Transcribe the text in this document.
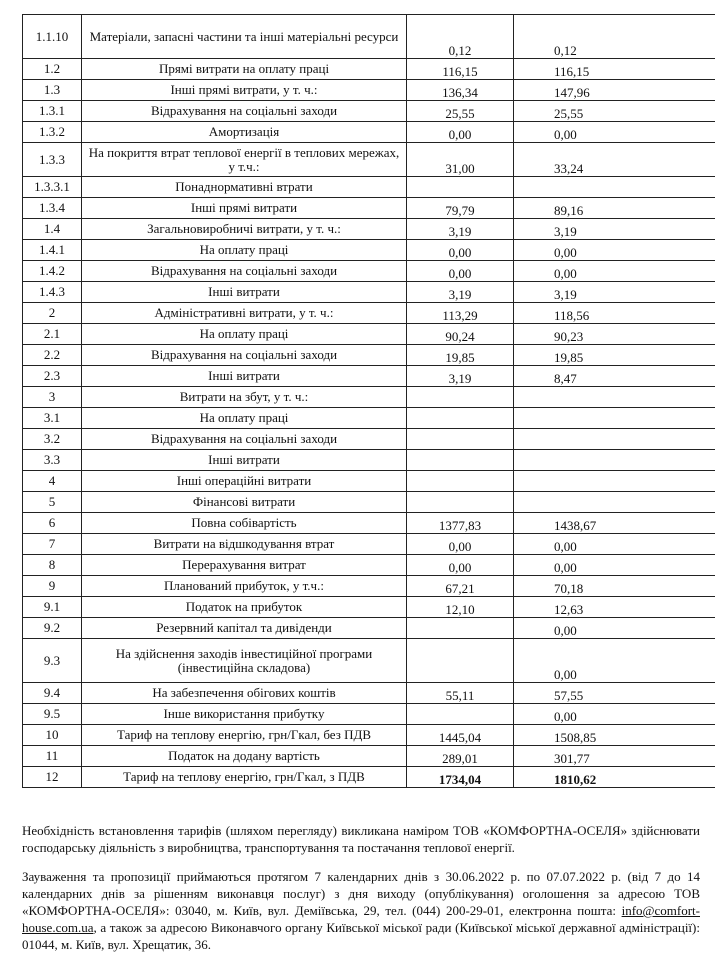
1.1.10	Матеріали, запасні частини та інші матеріальні ресурси	0,12	0,12
1.2	Прямі витрати на оплату праці	116,15	116,15
1.3	Інші прямі витрати, у т. ч.:	136,34	147,96
1.3.1	Відрахування на соціальні заходи	25,55	25,55
1.3.2	Амортизація	0,00	0,00
1.3.3	На покриття втрат теплової енергії в теплових мережах, у т.ч.:	31,00	33,24
1.3.3.1	Понаднормативні втрати		
1.3.4	Інші прямі витрати	79,79	89,16
1.4	Загальновиробничі витрати, у т. ч.:	3,19	3,19
1.4.1	На оплату праці	0,00	0,00
1.4.2	Відрахування на соціальні заходи	0,00	0,00
1.4.3	Інші витрати	3,19	3,19
2	Адміністративні витрати, у т. ч.:	113,29	118,56
2.1	На оплату праці	90,24	90,23
2.2	Відрахування на соціальні заходи	19,85	19,85
2.3	Інші витрати	3,19	8,47
3	Витрати на збут, у т. ч.:		
3.1	На оплату праці		
3.2	Відрахування на соціальні заходи		
3.3	Інші витрати		
4	Інші операційні витрати		
5	Фінансові витрати		
6	Повна собівартість	1377,83	1438,67
7	Витрати на відшкодування втрат	0,00	0,00
8	Перерахування витрат	0,00	0,00
9	Планований прибуток, у т.ч.:	67,21	70,18
9.1	Податок на прибуток	12,10	12,63
9.2	Резервний капітал та дивіденди		0,00
9.3	На здійснення заходів інвестиційної програми (інвестиційна складова)		0,00
9.4	На забезпечення обігових коштів	55,11	57,55
9.5	Інше використання прибутку		0,00
10	Тариф на теплову енергію, грн/Гкал, без ПДВ	1445,04	1508,85
11	Податок на додану вартість	289,01	301,77
12	Тариф на теплову енергію, грн/Гкал, з ПДВ	1734,04	1810,62

Необхідність встановлення тарифів (шляхом перегляду) викликана наміром ТОВ «КОМФОРТНА-ОСЕЛЯ» здійснювати господарську діяльність з виробництва, транспортування та постачання теплової енергії.

Зауваження та пропозиції приймаються протягом 7 календарних днів з 30.06.2022 р. по 07.07.2022 р. (від 7 до 14 календарних днів за рішенням виконавця послуг) з дня виходу (опублікування) оголошення за адресою ТОВ «КОМФОРТНА-ОСЕЛЯ»: 03040, м. Київ, вул. Деміївська, 29, тел. (044) 200-29-01, електронна пошта: info@comfort-house.com.ua, а також за адресою Виконавчого органу Київської міської ради (Київської міської державної адміністрації): 01044, м. Київ, вул. Хрещатик, 36.
